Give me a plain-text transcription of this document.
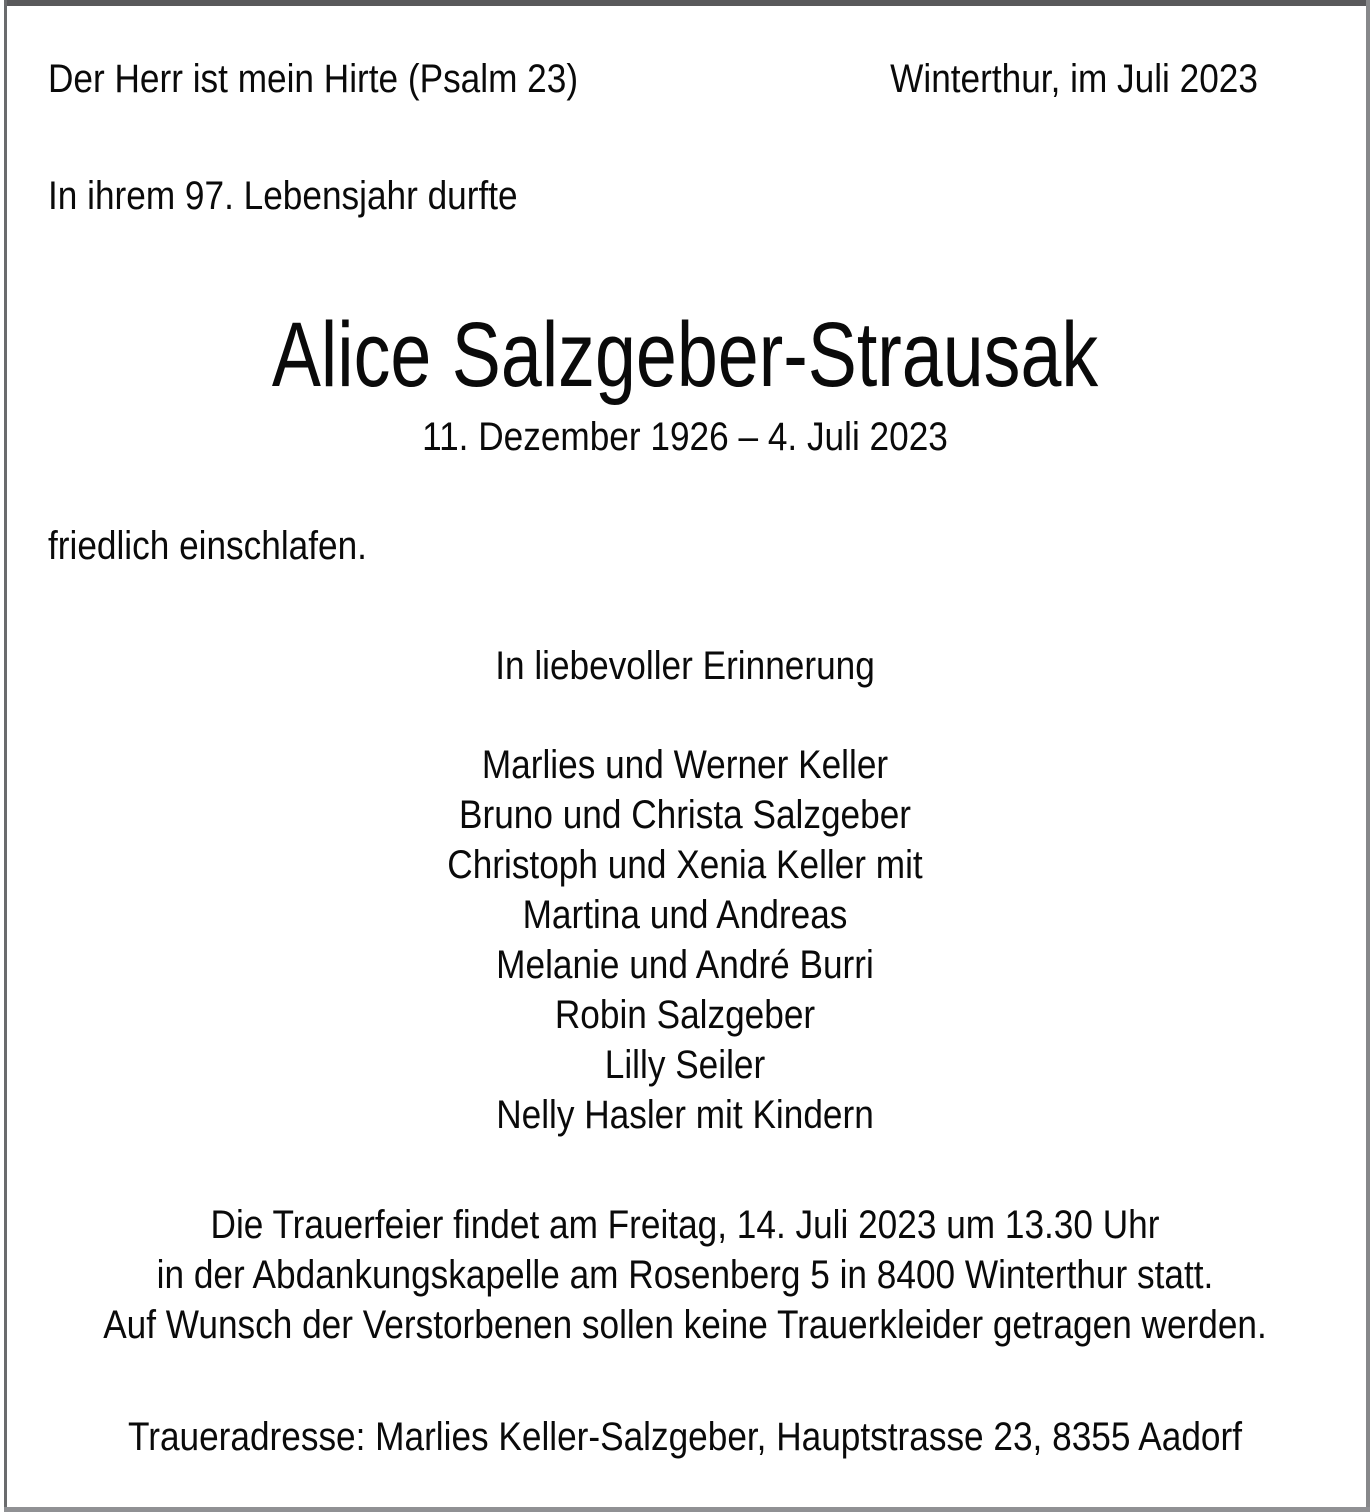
Der Herr ist mein Hirte (Psalm 23)	Winterthur, im Juli 2023
In ihrem 97. Lebensjahr durfte
Alice Salzgeber-Strausak
11. Dezember 1926 – 4. Juli 2023
friedlich einschlafen.
In liebevoller Erinnerung
Marlies und Werner Keller
Bruno und Christa Salzgeber
Christoph und Xenia Keller mit
Martina und Andreas
Melanie und André Burri
Robin Salzgeber
Lilly Seiler
Nelly Hasler mit Kindern
Die Trauerfeier findet am Freitag, 14. Juli 2023 um 13.30 Uhr
in der Abdankungskapelle am Rosenberg 5 in 8400 Winterthur statt.
Auf Wunsch der Verstorbenen sollen keine Trauerkleider getragen werden.
Traueradresse: Marlies Keller-Salzgeber, Hauptstrasse 23, 8355 Aadorf
